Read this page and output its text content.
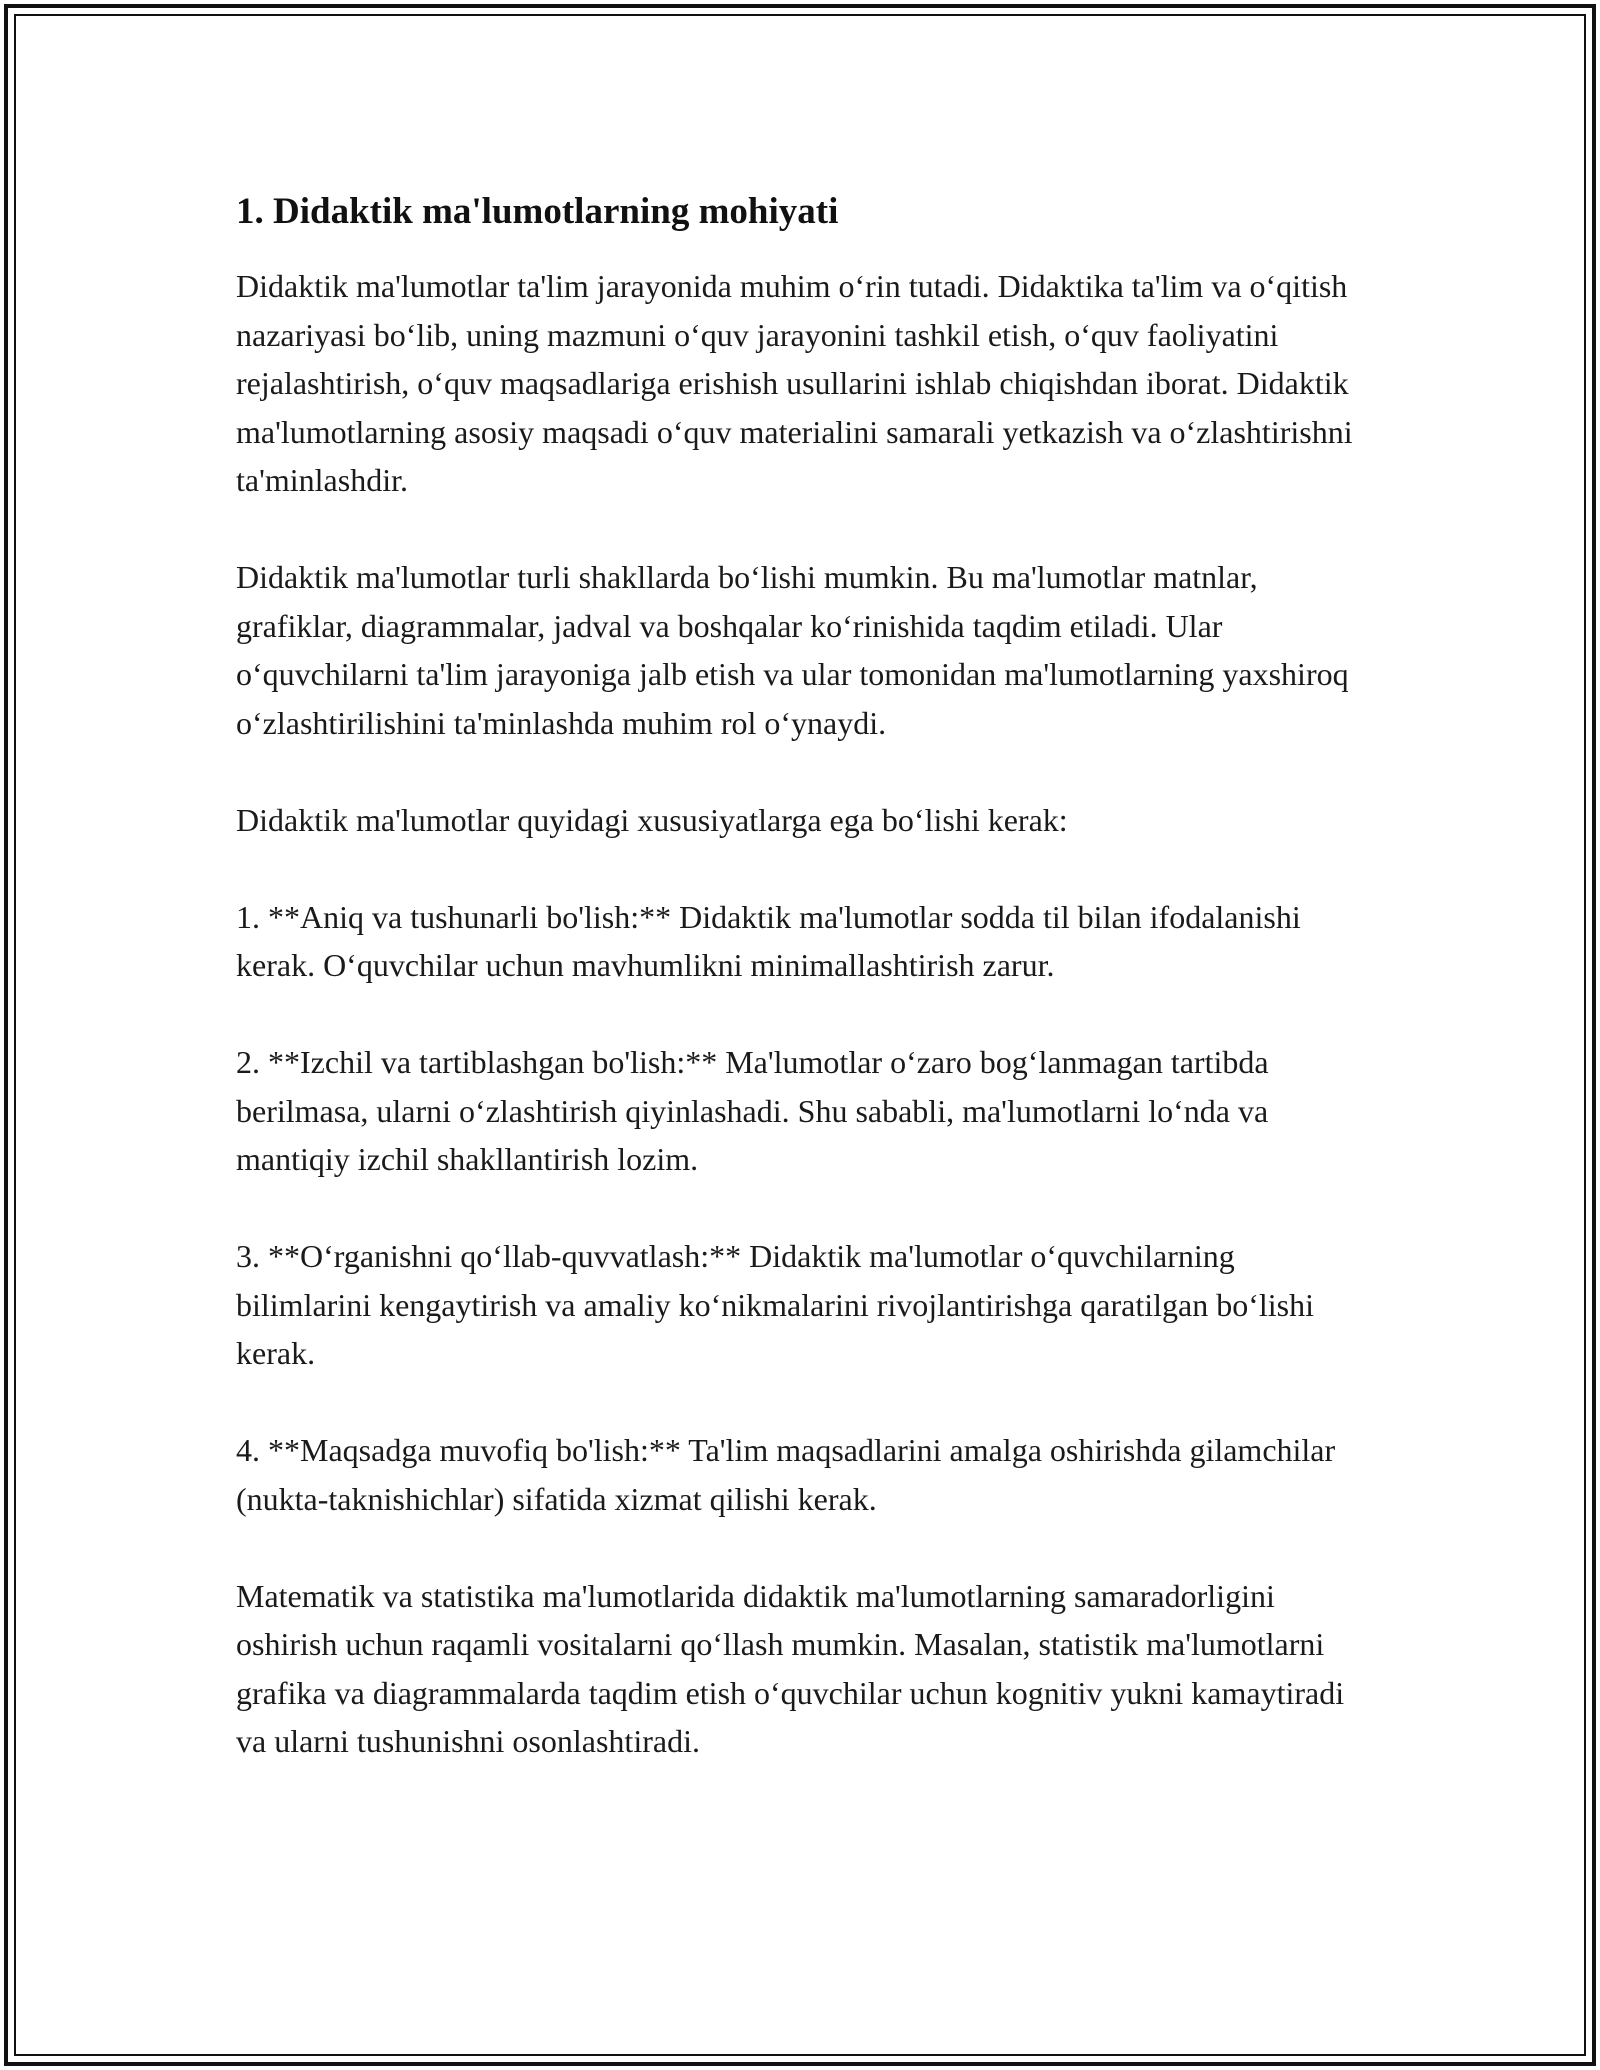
1. Didaktik ma'lumotlarning mohiyati

Didaktik ma'lumotlar ta'lim jarayonida muhim o‘rin tutadi. Didaktika ta'lim va o‘qitish nazariyasi bo‘lib, uning mazmuni o‘quv jarayonini tashkil etish, o‘quv faoliyatini rejalashtirish, o‘quv maqsadlariga erishish usullarini ishlab chiqishdan iborat. Didaktik ma'lumotlarning asosiy maqsadi o‘quv materialini samarali yetkazish va o‘zlashtirishni ta'minlashdir.

Didaktik ma'lumotlar turli shakllarda bo‘lishi mumkin. Bu ma'lumotlar matnlar, grafiklar, diagrammalar, jadval va boshqalar ko‘rinishida taqdim etiladi. Ular o‘quvchilarni ta'lim jarayoniga jalb etish va ular tomonidan ma'lumotlarning yaxshiroq o‘zlashtirilishini ta'minlashda muhim rol o‘ynaydi.

Didaktik ma'lumotlar quyidagi xususiyatlarga ega bo‘lishi kerak:

1. **Aniq va tushunarli bo'lish:** Didaktik ma'lumotlar sodda til bilan ifodalanishi kerak. O‘quvchilar uchun mavhumlikni minimallashtirish zarur.

2. **Izchil va tartiblashgan bo'lish:** Ma'lumotlar o‘zaro bog‘lanmagan tartibda berilmasa, ularni o‘zlashtirish qiyinlashadi. Shu sababli, ma'lumotlarni lo‘nda va mantiqiy izchil shakllantirish lozim.

3. **O‘rganishni qo‘llab-quvvatlash:** Didaktik ma'lumotlar o‘quvchilarning bilimlarini kengaytirish va amaliy ko‘nikmalarini rivojlantirishga qaratilgan bo‘lishi kerak.

4. **Maqsadga muvofiq bo'lish:** Ta'lim maqsadlarini amalga oshirishda gilamchilar (nukta-taknishichlar) sifatida xizmat qilishi kerak.

Matematik va statistika ma'lumotlarida didaktik ma'lumotlarning samaradorligini oshirish uchun raqamli vositalarni qo‘llash mumkin. Masalan, statistik ma'lumotlarni grafika va diagrammalarda taqdim etish o‘quvchilar uchun kognitiv yukni kamaytiradi va ularni tushunishni osonlashtiradi.
